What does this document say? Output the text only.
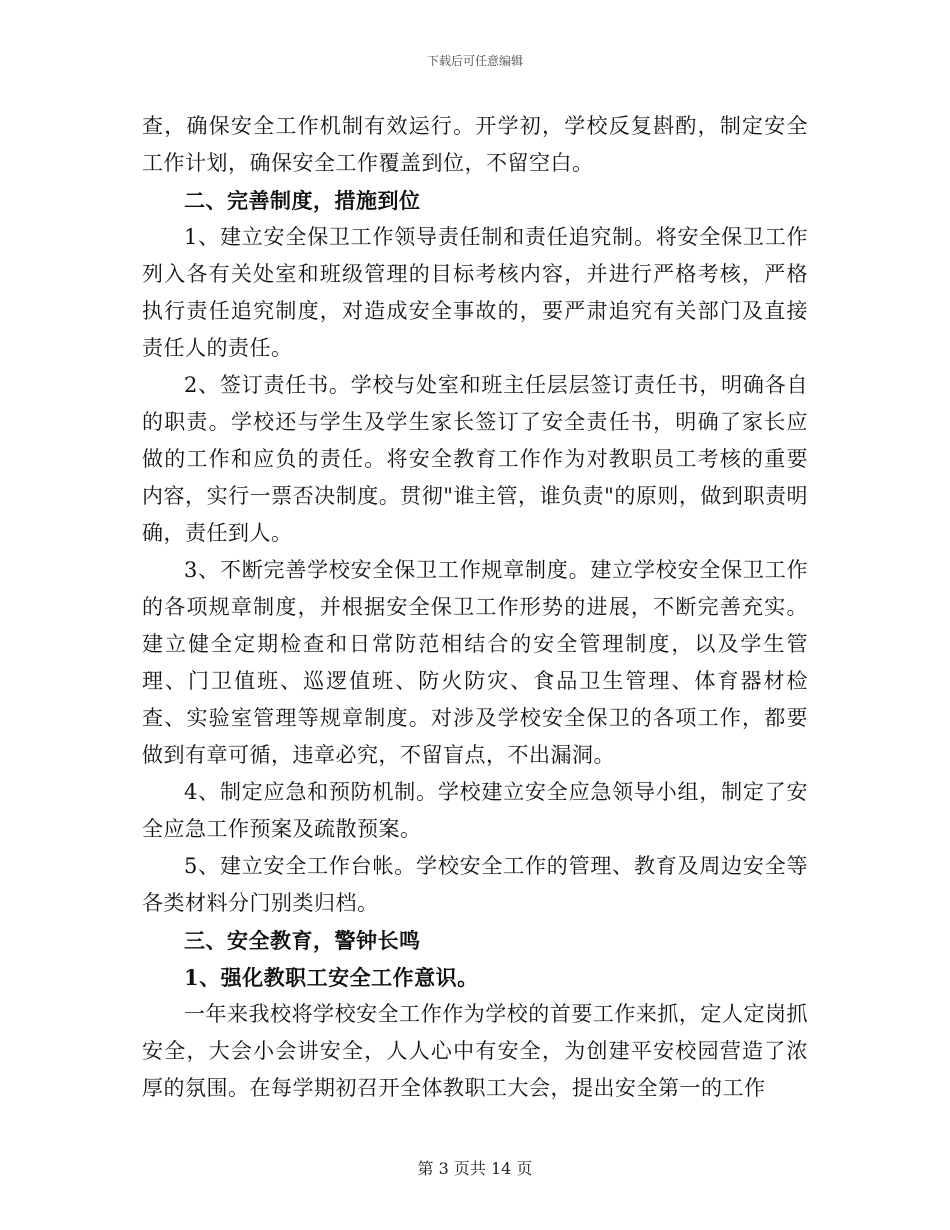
下载后可任意编辑

查，确保安全工作机制有效运行。开学初，学校反复斟酌，制定安全工作计划，确保安全工作覆盖到位，不留空白。

二、完善制度，措施到位

1、建立安全保卫工作领导责任制和责任追究制。将安全保卫工作列入各有关处室和班级管理的目标考核内容，并进行严格考核，严格执行责任追究制度，对造成安全事故的，要严肃追究有关部门及直接责任人的责任。

2、签订责任书。学校与处室和班主任层层签订责任书，明确各自的职责。学校还与学生及学生家长签订了安全责任书，明确了家长应做的工作和应负的责任。将安全教育工作作为对教职员工考核的重要内容，实行一票否决制度。贯彻"谁主管，谁负责"的原则，做到职责明确，责任到人。

3、不断完善学校安全保卫工作规章制度。建立学校安全保卫工作的各项规章制度，并根据安全保卫工作形势的进展，不断完善充实。建立健全定期检查和日常防范相结合的安全管理制度，以及学生管理、门卫值班、巡逻值班、防火防灾、食品卫生管理、体育器材检查、实验室管理等规章制度。对涉及学校安全保卫的各项工作，都要做到有章可循，违章必究，不留盲点，不出漏洞。

4、制定应急和预防机制。学校建立安全应急领导小组，制定了安全应急工作预案及疏散预案。

5、建立安全工作台帐。学校安全工作的管理、教育及周边安全等各类材料分门别类归档。

三、安全教育，警钟长鸣

1、强化教职工安全工作意识。

一年来我校将学校安全工作作为学校的首要工作来抓，定人定岗抓安全，大会小会讲安全，人人心中有安全，为创建平安校园营造了浓厚的氛围。在每学期初召开全体教职工大会，提出安全第一的工作

第 3 页共 14 页
